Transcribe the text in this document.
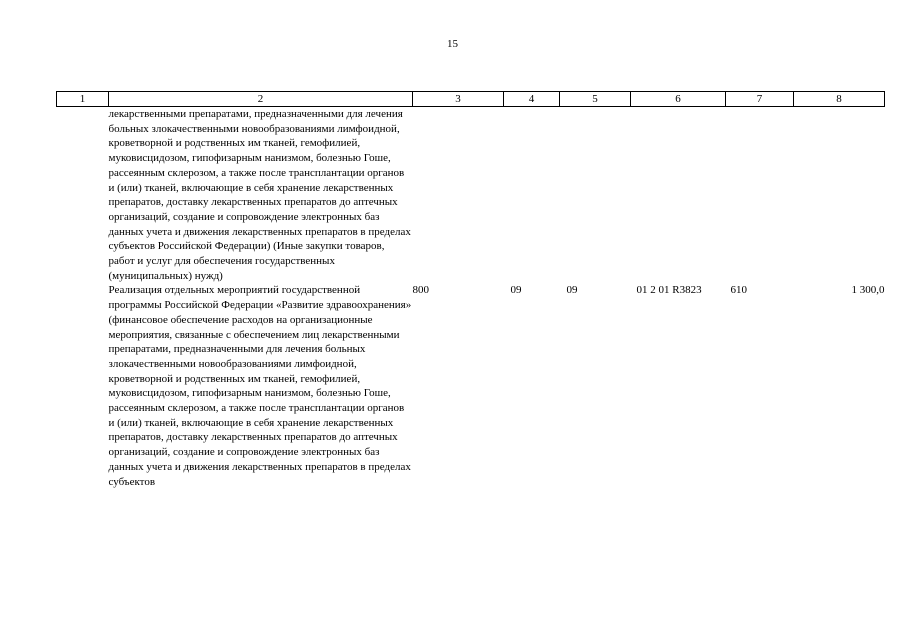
15
1	2	3	4	5	6	7	8
	лекарственными препаратами, предназначенными для лечения больных злокачественными новообразованиями лимфоидной, кроветворной и родственных им тканей, гемофилией, муковисцидозом, гипофизарным нанизмом, болезнью Гоше, рассеянным склерозом, а также после трансплантации органов и (или) тканей, включающие в себя хранение лекарственных препаратов, доставку лекарственных препаратов до аптечных организаций, создание и сопровождение электронных баз данных учета и движения лекарственных препаратов в пределах субъектов Российской Федерации) (Иные закупки товаров, работ и услуг для обеспечения государственных (муниципальных) нужд)						
	Реализация отдельных мероприятий государственной программы Российской Федерации «Развитие здравоохранения» (финансовое обеспечение расходов на организационные мероприятия, связанные с обеспечением лиц лекарственными препаратами, предназначенными для лечения больных злокачественными новообразованиями лимфоидной, кроветворной и родственных им тканей, гемофилией, муковисцидозом, гипофизарным нанизмом, болезнью Гоше, рассеянным склерозом, а также после трансплантации органов и (или) тканей, включающие в себя хранение лекарственных препаратов, доставку лекарственных препаратов до аптечных организаций, создание и сопровождение электронных баз данных учета и движения лекарственных препаратов в пределах субъектов	800	09	09	01 2 01 R3823	610	1 300,0
